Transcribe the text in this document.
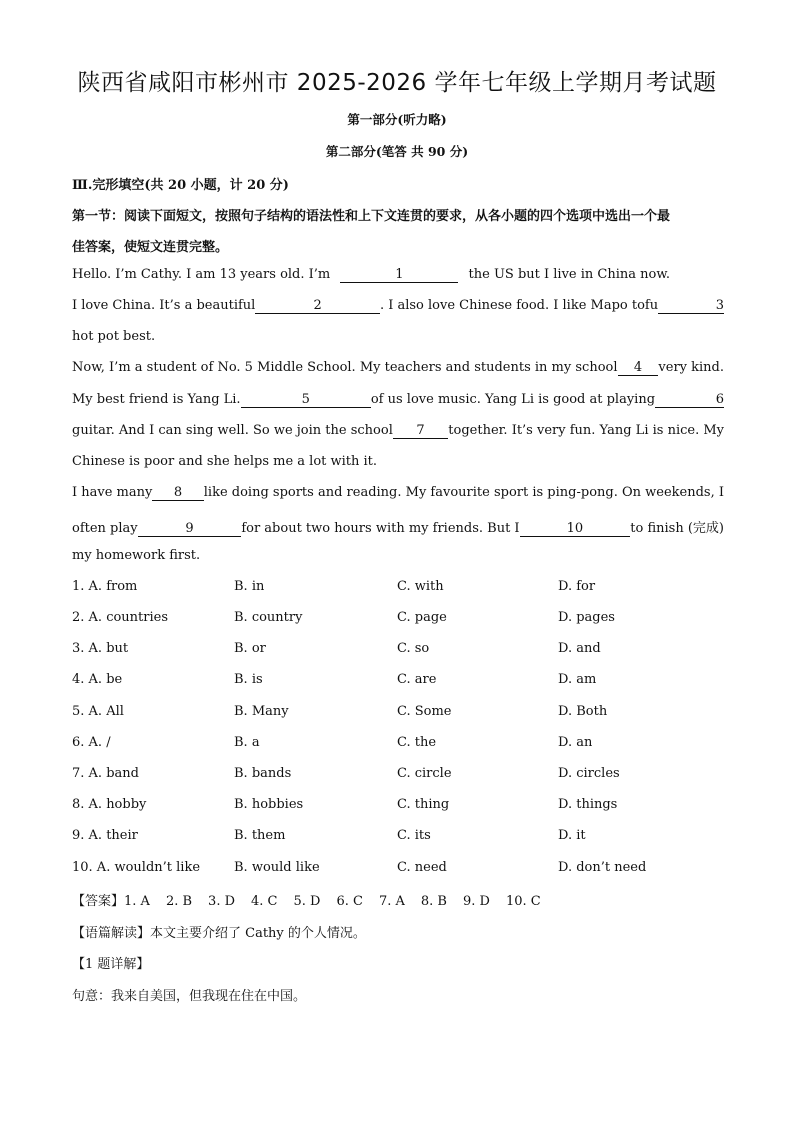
陕西省咸阳市彬州市 2025-2026 学年七年级上学期月考试题
第一部分(听力略)
第二部分(笔答 共 90 分)
Ⅲ.完形填空(共 20 小题，计 20 分)
第一节：阅读下面短文，按照句子结构的语法性和上下文连贯的要求，从各小题的四个选项中选出一个最
佳答案，使短文连贯完整。
Hello. I’m Cathy. I am 13 years old. I’m	1	the US but I live in China now.
I love China. It’s a beautiful	2	. I also love Chinese food. I like Mapo tofu	3
hot pot best.
Now, I’m a student of No. 5 Middle School. My teachers and students in my school	4	very kind.
My best friend is Yang Li.	5	of us love music. Yang Li is good at playing	6
guitar. And I can sing well. So we join the school	7	together. It’s very fun. Yang Li is nice. My
Chinese is poor and she helps me a lot with it.
I have many	8	like doing sports and reading. My favourite sport is ping-pong. On weekends, I
often play	9	for about two hours with my friends. But I	10	to finish (完成)
my homework first.
1. A. from	B. in	C. with	D. for
2. A. countries	B. country	C. page	D. pages
3. A. but	B. or	C. so	D. and
4. A. be	B. is	C. are	D. am
5. A. All	B. Many	C. Some	D. Both
6. A. /	B. a	C. the	D. an
7. A. band	B. bands	C. circle	D. circles
8. A. hobby	B. hobbies	C. thing	D. things
9. A. their	B. them	C. its	D. it
10. A. wouldn’t like	B. would like	C. need	D. don’t need
【答案】1. A 2. B 3. D 4. C 5. D 6. C 7. A 8. B 9. D 10. C
【语篇解读】本文主要介绍了 Cathy 的个人情况。
【1 题详解】
句意：我来自美国，但我现在住在中国。
